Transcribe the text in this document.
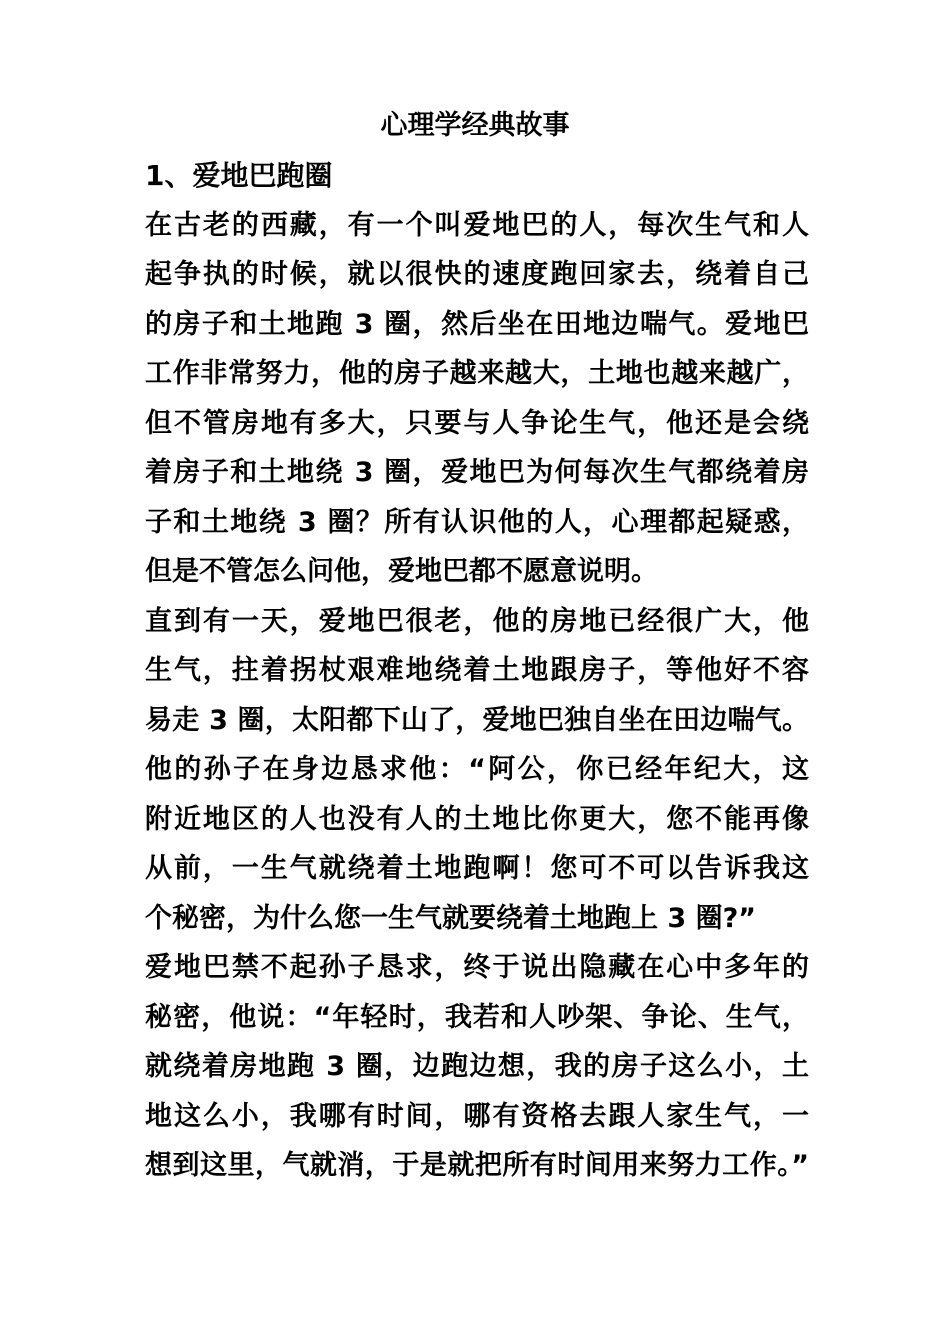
心理学经典故事
1、爱地巴跑圈
在古老的西藏，有一个叫爱地巴的人，每次生气和人
起争执的时候，就以很快的速度跑回家去，绕着自己
的房子和土地跑 3 圈，然后坐在田地边喘气。爱地巴
工作非常努力，他的房子越来越大，土地也越来越广，
但不管房地有多大，只要与人争论生气，他还是会绕
着房子和土地绕 3 圈，爱地巴为何每次生气都绕着房
子和土地绕 3 圈？所有认识他的人，心理都起疑惑，
但是不管怎么问他，爱地巴都不愿意说明。
直到有一天，爱地巴很老，他的房地已经很广大，他
生气，拄着拐杖艰难地绕着土地跟房子，等他好不容
易走 3 圈，太阳都下山了，爱地巴独自坐在田边喘气。
他的孙子在身边恳求他：“阿公，你已经年纪大，这
附近地区的人也没有人的土地比你更大，您不能再像
从前，一生气就绕着土地跑啊！您可不可以告诉我这
个秘密，为什么您一生气就要绕着土地跑上 3 圈?”
爱地巴禁不起孙子恳求，终于说出隐藏在心中多年的
秘密，他说：“年轻时，我若和人吵架、争论、生气，
就绕着房地跑 3 圈，边跑边想，我的房子这么小，土
地这么小，我哪有时间，哪有资格去跟人家生气，一
想到这里，气就消，于是就把所有时间用来努力工作。”
